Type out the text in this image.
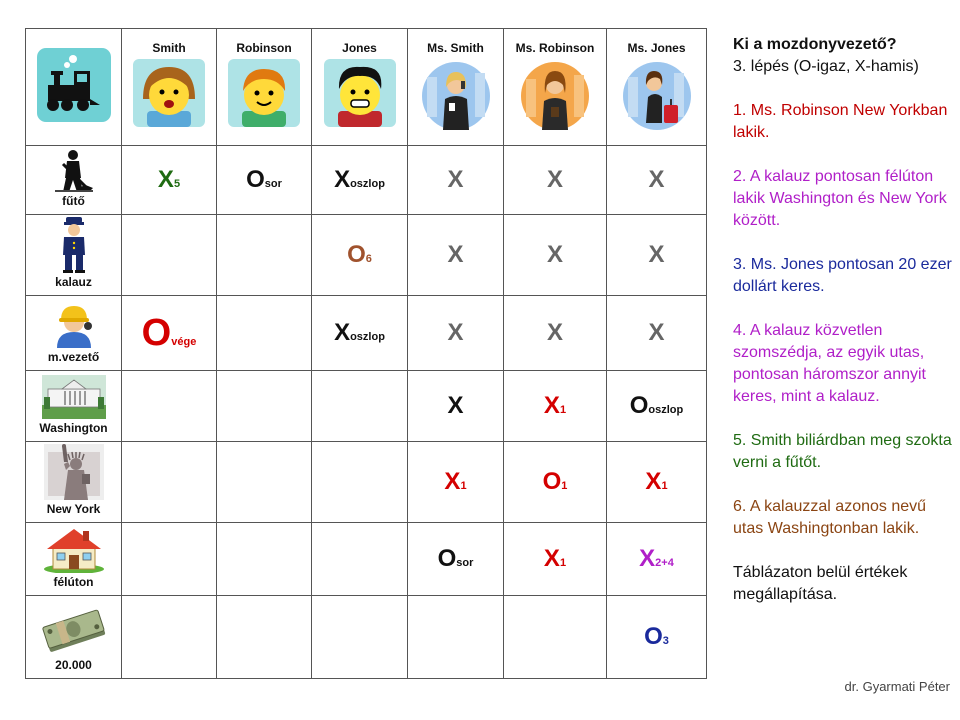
Smith	Robinson	Jones	Ms. Smith	Ms. Robinson	Ms. Jones

fűtő	X5	Osor	Xoszlop	X	X	X

kalauz			O6	X	X	X

m.vezető	Ovége		Xoszlop	X	X	X

Washington				X	X1	Ooszlop

New York				X1	O1	X1

félúton				Osor	X1	X2+4

20.000						O3

Ki a mozdonyvezető?
3. lépés (O-igaz, X-hamis)

1. Ms. Robinson New Yorkban lakik.

2. A kalauz pontosan félúton lakik Washington és New York között.

3. Ms. Jones pontosan 20 ezer dollárt keres.

4. A kalauz közvetlen szomszédja, az egyik utas, pontosan háromszor annyit keres, mint a kalauz.

5. Smith biliárdban meg szokta verni a fűtőt.

6. A kalauzzal azonos nevű utas Washingtonban lakik.

Táblázaton belül értékek megállapítása.

dr. Gyarmati Péter
